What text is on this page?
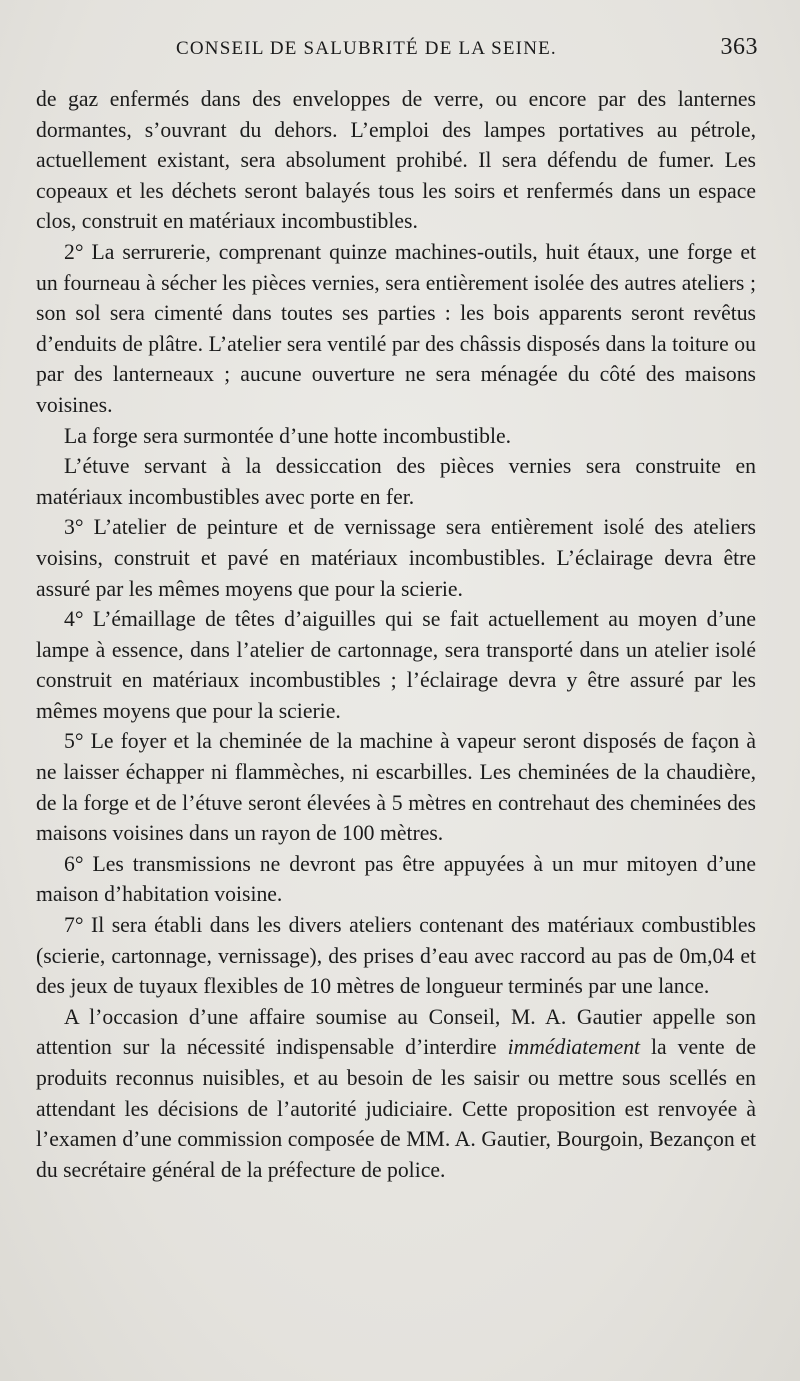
CONSEIL DE SALUBRITÉ DE LA SEINE.	363

de gaz enfermés dans des enveloppes de verre, ou encore par des lanternes dormantes, s’ouvrant du dehors. L’emploi des lampes portatives au pétrole, actuellement existant, sera absolument prohibé. Il sera défendu de fumer. Les copeaux et les déchets seront balayés tous les soirs et renfermés dans un espace clos, construit en matériaux incombustibles.

2° La serrurerie, comprenant quinze machines-outils, huit étaux, une forge et un fourneau à sécher les pièces vernies, sera entièrement isolée des autres ateliers ; son sol sera cimenté dans toutes ses parties : les bois apparents seront revêtus d’enduits de plâtre. L’atelier sera ventilé par des châssis disposés dans la toiture ou par des lanterneaux ; aucune ouverture ne sera ménagée du côté des maisons voisines.

La forge sera surmontée d’une hotte incombustible.

L’étuve servant à la dessiccation des pièces vernies sera construite en matériaux incombustibles avec porte en fer.

3° L’atelier de peinture et de vernissage sera entièrement isolé des ateliers voisins, construit et pavé en matériaux incombustibles. L’éclairage devra être assuré par les mêmes moyens que pour la scierie.

4° L’émaillage de têtes d’aiguilles qui se fait actuellement au moyen d’une lampe à essence, dans l’atelier de cartonnage, sera transporté dans un atelier isolé construit en matériaux incombustibles ; l’éclairage devra y être assuré par les mêmes moyens que pour la scierie.

5° Le foyer et la cheminée de la machine à vapeur seront disposés de façon à ne laisser échapper ni flammèches, ni escarbilles. Les cheminées de la chaudière, de la forge et de l’étuve seront élevées à 5 mètres en contrehaut des cheminées des maisons voisines dans un rayon de 100 mètres.

6° Les transmissions ne devront pas être appuyées à un mur mitoyen d’une maison d’habitation voisine.

7° Il sera établi dans les divers ateliers contenant des matériaux combustibles (scierie, cartonnage, vernissage), des prises d’eau avec raccord au pas de 0m,04 et des jeux de tuyaux flexibles de 10 mètres de longueur terminés par une lance.

A l’occasion d’une affaire soumise au Conseil, M. A. Gautier appelle son attention sur la nécessité indispensable d’interdire immédiatement la vente de produits reconnus nuisibles, et au besoin de les saisir ou mettre sous scellés en attendant les décisions de l’autorité judiciaire. Cette proposition est renvoyée à l’examen d’une commission composée de MM. A. Gautier, Bourgoin, Bezançon et du secrétaire général de la préfecture de police.
